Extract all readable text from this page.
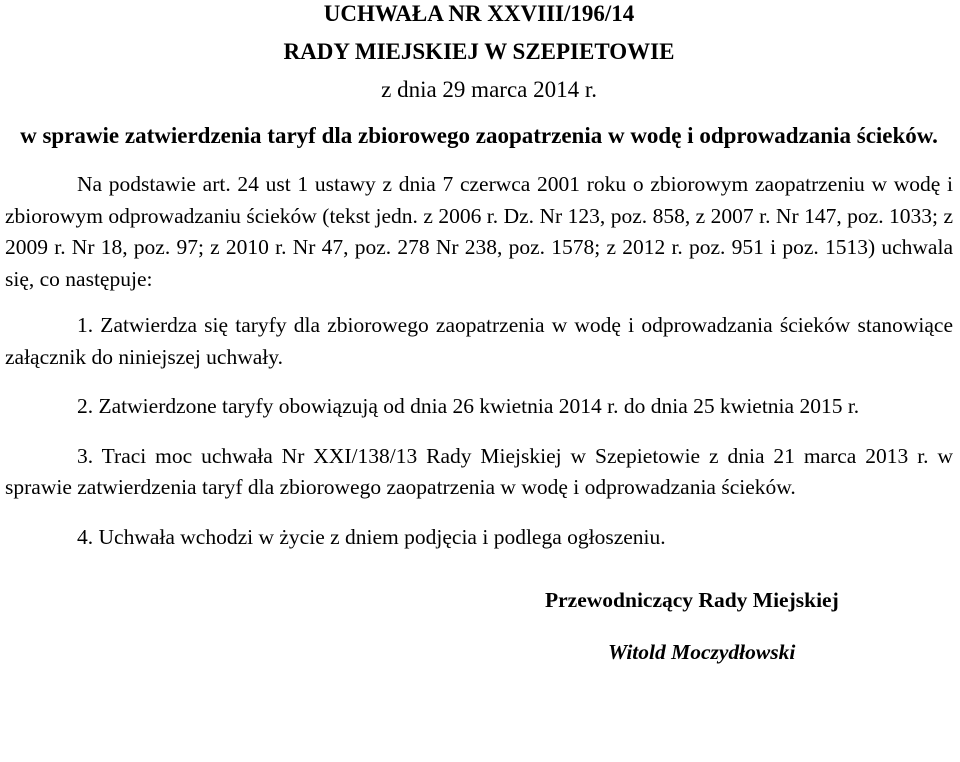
UCHWAŁA NR XXVIII/196/14

RADY MIEJSKIEJ W SZEPIETOWIE

z dnia 29 marca 2014 r.

w sprawie zatwierdzenia taryf dla zbiorowego zaopatrzenia w wodę i odprowadzania ścieków.

Na podstawie art. 24 ust 1 ustawy z dnia 7 czerwca 2001 roku o zbiorowym zaopatrzeniu w wodę i zbiorowym odprowadzaniu ścieków (tekst jedn. z 2006 r. Dz. Nr 123, poz. 858, z 2007 r. Nr 147, poz. 1033; z 2009 r. Nr 18, poz. 97; z 2010 r. Nr 47, poz. 278 Nr 238, poz. 1578; z 2012 r. poz. 951 i poz. 1513) uchwala się, co następuje:

1. Zatwierdza się taryfy dla zbiorowego zaopatrzenia w wodę i odprowadzania ścieków stanowiące załącznik do niniejszej uchwały.

2. Zatwierdzone taryfy obowiązują od dnia 26 kwietnia 2014 r. do dnia 25 kwietnia 2015 r.

3. Traci moc uchwała Nr XXI/138/13 Rady Miejskiej w Szepietowie z dnia 21 marca 2013 r. w sprawie zatwierdzenia taryf dla zbiorowego zaopatrzenia w wodę i odprowadzania ścieków.

4. Uchwała wchodzi w życie z dniem podjęcia i podlega ogłoszeniu.

Przewodniczący Rady Miejskiej

Witold Moczydłowski
